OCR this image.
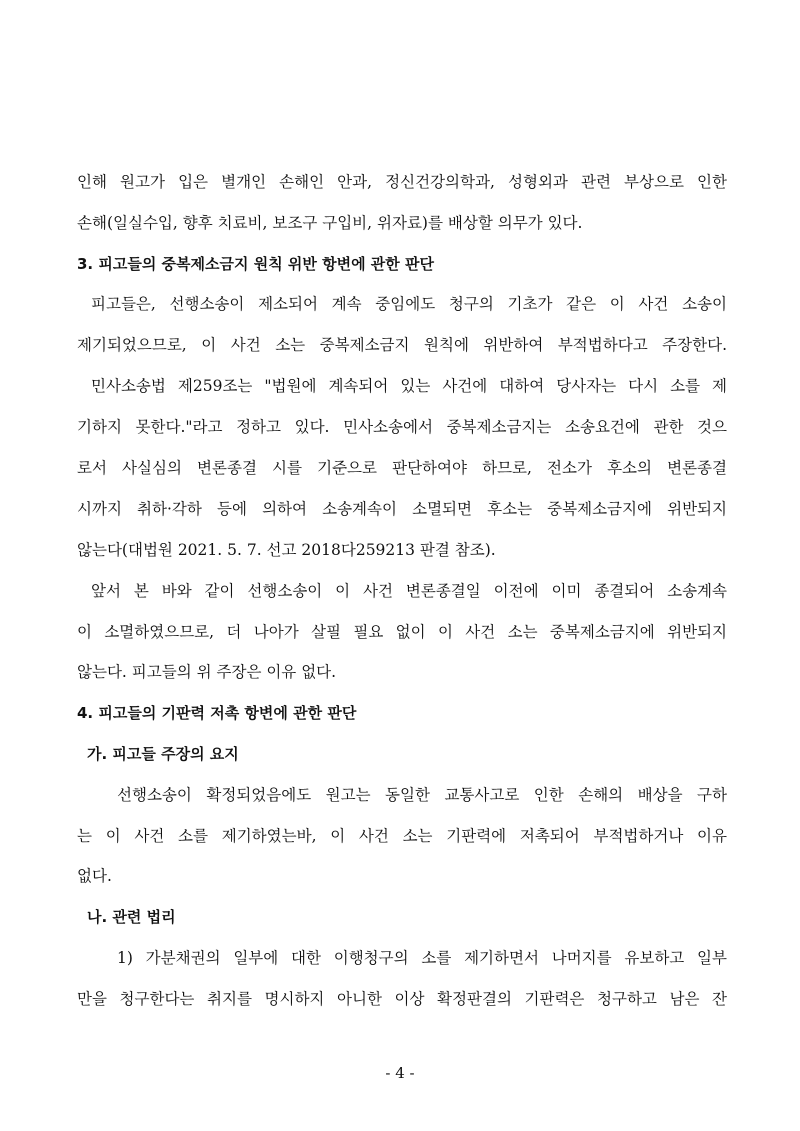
인해 원고가 입은 별개인 손해인 안과, 정신건강의학과, 성형외과 관련 부상으로 인한
손해(일실수입, 향후 치료비, 보조구 구입비, 위자료)를 배상할 의무가 있다.
3. 피고들의 중복제소금지 원칙 위반 항변에 관한 판단
피고들은, 선행소송이 제소되어 계속 중임에도 청구의 기초가 같은 이 사건 소송이
제기되었으므로, 이 사건 소는 중복제소금지 원칙에 위반하여 부적법하다고 주장한다.
민사소송법 제259조는 "법원에 계속되어 있는 사건에 대하여 당사자는 다시 소를 제
기하지 못한다."라고 정하고 있다. 민사소송에서 중복제소금지는 소송요건에 관한 것으
로서 사실심의 변론종결 시를 기준으로 판단하여야 하므로, 전소가 후소의 변론종결
시까지 취하·각하 등에 의하여 소송계속이 소멸되면 후소는 중복제소금지에 위반되지
않는다(대법원 2021. 5. 7. 선고 2018다259213 판결 참조).
앞서 본 바와 같이 선행소송이 이 사건 변론종결일 이전에 이미 종결되어 소송계속
이 소멸하였으므로, 더 나아가 살필 필요 없이 이 사건 소는 중복제소금지에 위반되지
않는다. 피고들의 위 주장은 이유 없다.
4. 피고들의 기판력 저촉 항변에 관한 판단
가. 피고들 주장의 요지
선행소송이 확정되었음에도 원고는 동일한 교통사고로 인한 손해의 배상을 구하
는 이 사건 소를 제기하였는바, 이 사건 소는 기판력에 저촉되어 부적법하거나 이유
없다.
나. 관련 법리
1) 가분채권의 일부에 대한 이행청구의 소를 제기하면서 나머지를 유보하고 일부
만을 청구한다는 취지를 명시하지 아니한 이상 확정판결의 기판력은 청구하고 남은 잔
- 4 -
